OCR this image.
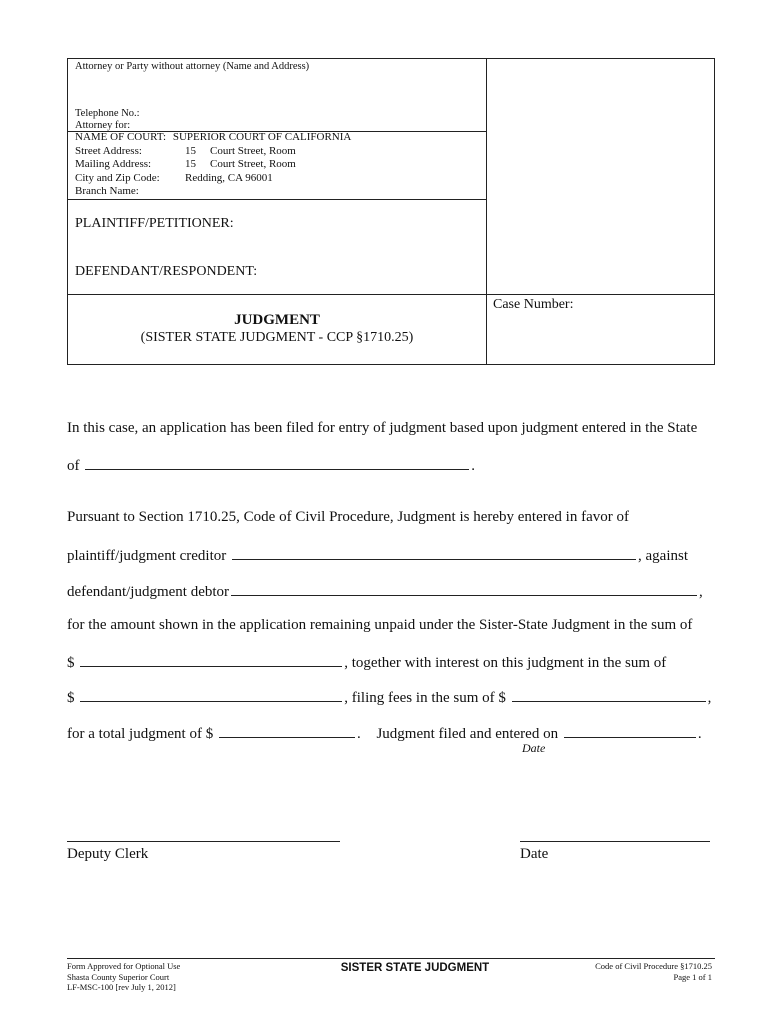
Attorney or Party without attorney (Name and Address)
Telephone No.:
Attorney for:
NAME OF COURT: SUPERIOR COURT OF CALIFORNIA
Street Address:	15 Court Street, Room
Mailing Address:	15 Court Street, Room
City and Zip Code: Redding, CA 96001
Branch Name:
PLAINTIFF/PETITIONER:
DEFENDANT/RESPONDENT:
JUDGMENT
(SISTER STATE JUDGMENT - CCP §1710.25)
Case Number:
In this case, an application has been filed for entry of judgment based upon judgment entered in the State
of	.
Pursuant to Section 1710.25, Code of Civil Procedure, Judgment is hereby entered in favor of
plaintiff/judgment creditor	, against
defendant/judgment debtor	,
for the amount shown in the application remaining unpaid under the Sister-State Judgment in the sum of
$	, together with interest on this judgment in the sum of
$	, filing fees in the sum of $	,
for a total judgment of $	. Judgment filed and entered on	.
Date
Deputy Clerk	Date
Form Approved for Optional Use
Shasta County Superior Court
LF-MSC-100 [rev July 1, 2012]
SISTER STATE JUDGMENT	Code of Civil Procedure §1710.25
Page 1 of 1
